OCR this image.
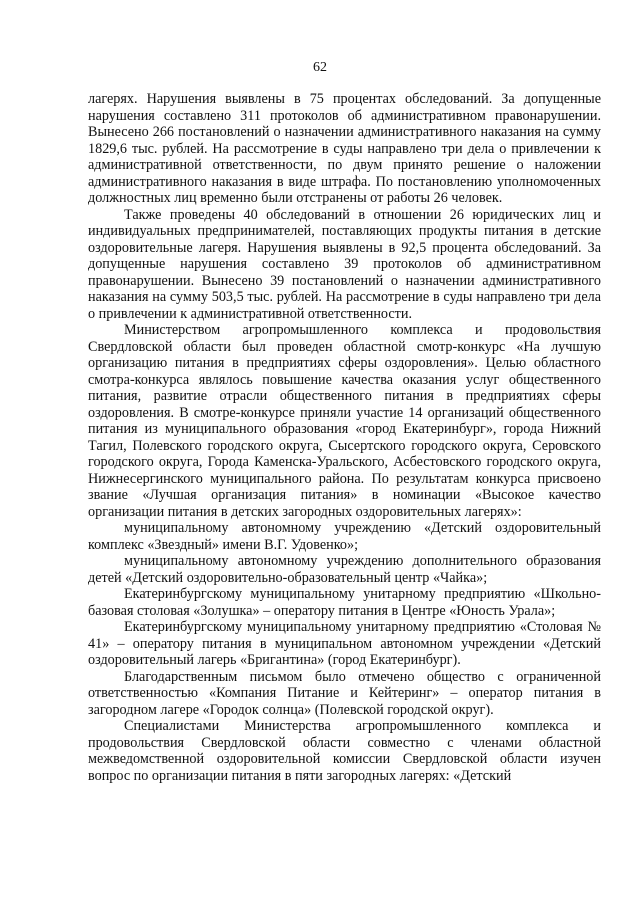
62

лагерях. Нарушения выявлены в 75 процентах обследований. За допущенные нарушения составлено 311 протоколов об административном правонарушении. Вынесено 266 постановлений о назначении административного наказания на сумму 1829,6 тыс. рублей. На рассмотрение в суды направлено три дела о привлечении к административной ответственности, по двум принято решение о наложении административного наказания в виде штрафа. По постановлению уполномоченных должностных лиц временно были отстранены от работы 26 человек.

Также проведены 40 обследований в отношении 26 юридических лиц и индивидуальных предпринимателей, поставляющих продукты питания в детские оздоровительные лагеря. Нарушения выявлены в 92,5 процента обследований. За допущенные нарушения составлено 39 протоколов об административном правонарушении. Вынесено 39 постановлений о назначении административного наказания на сумму 503,5 тыс. рублей. На рассмотрение в суды направлено три дела о привлечении к административной ответственности.

Министерством агропромышленного комплекса и продовольствия Свердловской области был проведен областной смотр-конкурс «На лучшую организацию питания в предприятиях сферы оздоровления». Целью областного смотра-конкурса являлось повышение качества оказания услуг общественного питания, развитие отрасли общественного питания в предприятиях сферы оздоровления. В смотре-конкурсе приняли участие 14 организаций общественного питания из муниципального образования «город Екатеринбург», города Нижний Тагил, Полевского городского округа, Сысертского городского округа, Серовского городского округа, Города Каменска-Уральского, Асбестовского городского округа, Нижнесергинского муниципального района. По результатам конкурса присвоено звание «Лучшая организация питания» в номинации «Высокое качество организации питания в детских загородных оздоровительных лагерях»:

муниципальному автономному учреждению «Детский оздоровительный комплекс «Звездный» имени В.Г. Удовенко»;

муниципальному автономному учреждению дополнительного образования детей «Детский оздоровительно-образовательный центр «Чайка»;

Екатеринбургскому муниципальному унитарному предприятию «Школьно-базовая столовая «Золушка» – оператору питания в Центре «Юность Урала»;

Екатеринбургскому муниципальному унитарному предприятию «Столовая № 41» – оператору питания в муниципальном автономном учреждении «Детский оздоровительный лагерь «Бригантина» (город Екатеринбург).

Благодарственным письмом было отмечено общество с ограниченной ответственностью «Компания Питание и Кейтеринг» – оператор питания в загородном лагере «Городок солнца» (Полевской городской округ).

Специалистами Министерства агропромышленного комплекса и продовольствия Свердловской области совместно с членами областной межведомственной оздоровительной комиссии Свердловской области изучен вопрос по организации питания в пяти загородных лагерях: «Детский
